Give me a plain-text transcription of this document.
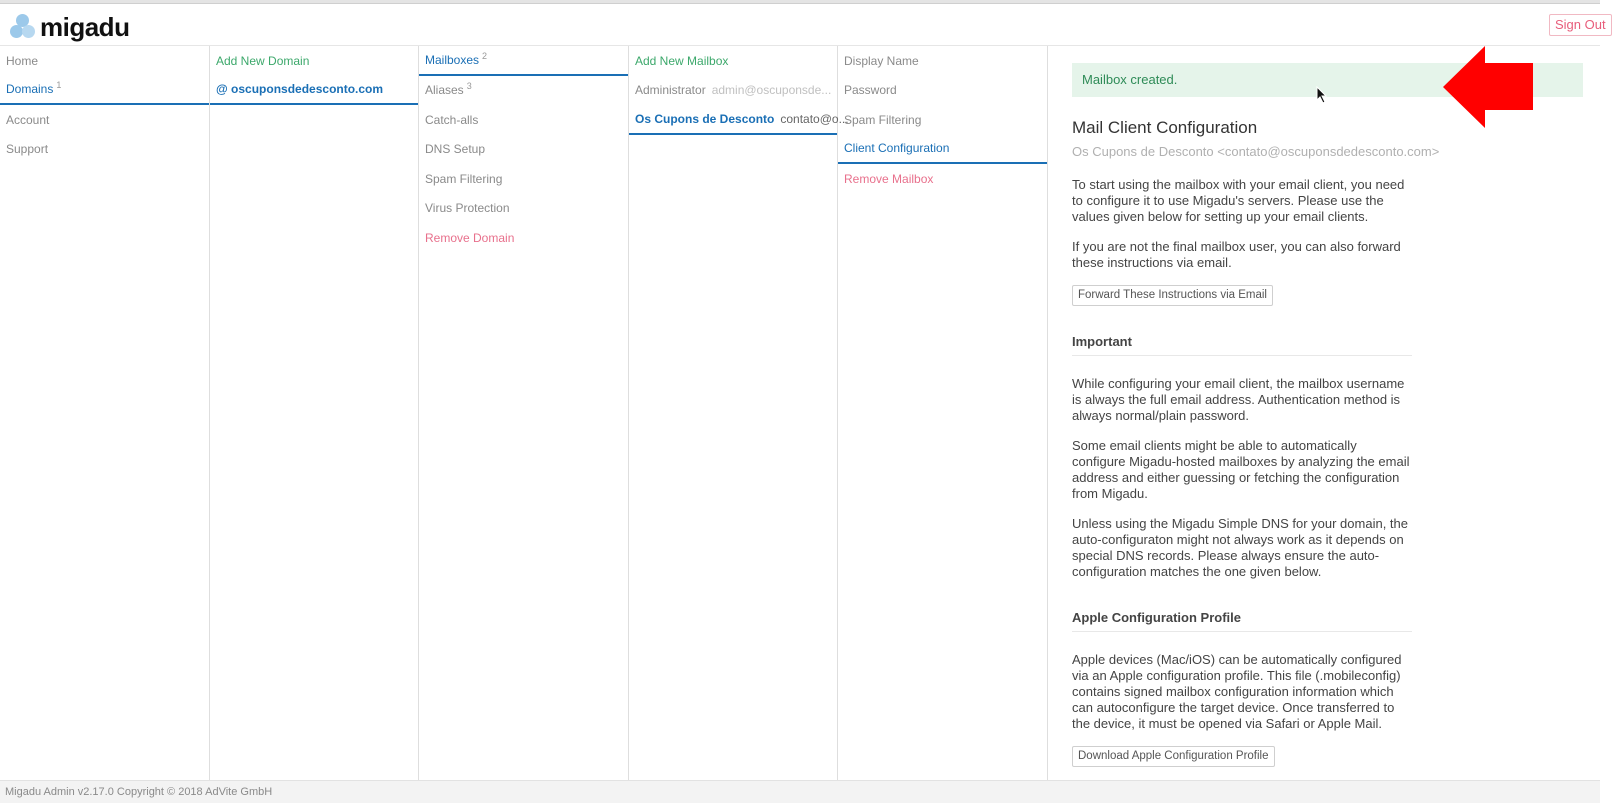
migadu	Sign Out
Home
Domains $^1$
Account
Support
Add New Domain
@ oscuponsdedesconto.com
Mailboxes $^2$
Aliases $^3$
Catch-alls
DNS Setup
Spam Filtering
Virus Protection
Remove Domain
Add New Mailbox
Administrator admin@oscuponsde...
Os Cupons de Desconto contato@o...
Display Name
Password
Spam Filtering
Client Configuration
Remove Mailbox
Mailbox created.
Mail Client Configuration
Os Cupons de Desconto <contato@oscuponsdedesconto.com>

To start using the mailbox with your email client, you need to configure it to use Migadu's servers. Please use the values given below for setting up your email clients.

If you are not the final mailbox user, you can also forward these instructions via email.

Forward These Instructions via Email
Important

While configuring your email client, the mailbox username is always the full email address. Authentication method is always normal/plain password.

Some email clients might be able to automatically configure Migadu-hosted mailboxes by analyzing the email address and either guessing or fetching the configuration from Migadu.

Unless using the Migadu Simple DNS for your domain, the auto-configuraton might not always work as it depends on special DNS records. Please always ensure the auto-configuration matches the one given below.

Apple Configuration Profile

Apple devices (Mac/iOS) can be automatically configured via an Apple configuration profile. This file (.mobileconfig) contains signed mailbox configuration information which can autoconfigure the target device. Once transferred to the device, it must be opened via Safari or Apple Mail.

Download Apple Configuration Profile
Migadu Admin v2.17.0 Copyright © 2018 AdVite GmbH
